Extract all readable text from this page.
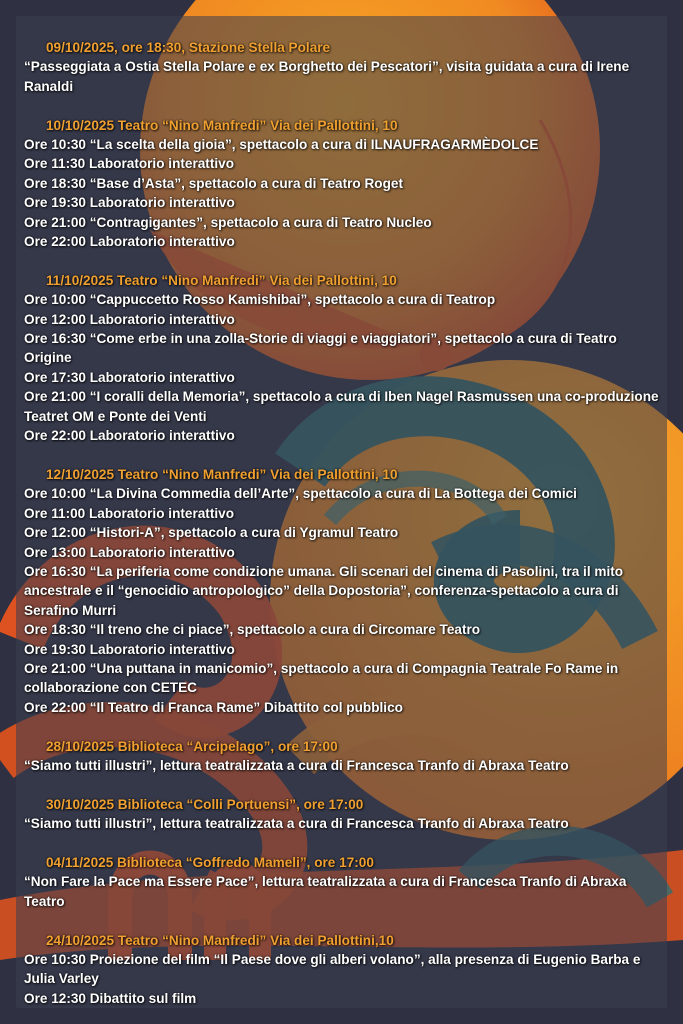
09/10/2025, ore 18:30, Stazione Stella Polare
“Passeggiata a Ostia Stella Polare e ex Borghetto dei Pescatori”, visita guidata a cura di Irene Ranaldi
10/10/2025 Teatro “Nino Manfredi” Via dei Pallottini, 10
Ore 10:30 “La scelta della gioia”, spettacolo a cura di ILNAUFRAGARMÈDOLCE
Ore 11:30 Laboratorio interattivo
Ore 18:30 “Base d’Asta”, spettacolo a cura di Teatro Roget
Ore 19:30 Laboratorio interattivo
Ore 21:00 “Contragigantes”, spettacolo a cura di Teatro Nucleo
Ore 22:00 Laboratorio interattivo
11/10/2025 Teatro “Nino Manfredi” Via dei Pallottini, 10
Ore 10:00 “Cappuccetto Rosso Kamishibai”, spettacolo a cura di Teatrop
Ore 12:00 Laboratorio interattivo
Ore 16:30 “Come erbe in una zolla-Storie di viaggi e viaggiatori”, spettacolo a cura di Teatro Origine
Ore 17:30 Laboratorio interattivo
Ore 21:00 “I coralli della Memoria”, spettacolo a cura di Iben Nagel Rasmussen una co-produzione Teatret OM e Ponte dei Venti
Ore 22:00 Laboratorio interattivo
12/10/2025 Teatro “Nino Manfredi” Via dei Pallottini, 10
Ore 10:00 “La Divina Commedia dell’Arte”, spettacolo a cura di La Bottega dei Comici
Ore 11:00 Laboratorio interattivo
Ore 12:00 “Histori-A”, spettacolo a cura di Ygramul Teatro
Ore 13:00 Laboratorio interattivo
Ore 16:30 “La periferia come condizione umana. Gli scenari del cinema di Pasolini, tra il mito ancestrale e il “genocidio antropologico” della Dopostoria”, conferenza-spettacolo a cura di Serafino Murri
Ore 18:30 “Il treno che ci piace”, spettacolo a cura di Circomare Teatro
Ore 19:30 Laboratorio interattivo
Ore 21:00 “Una puttana in manicomio”, spettacolo a cura di Compagnia Teatrale Fo Rame in collaborazione con CETEC
Ore 22:00 “Il Teatro di Franca Rame” Dibattito col pubblico
28/10/2025 Biblioteca “Arcipelago”, ore 17:00
“Siamo tutti illustri”, lettura teatralizzata a cura di Francesca Tranfo di Abraxa Teatro
30/10/2025 Biblioteca “Colli Portuensi”, ore 17:00
“Siamo tutti illustri”, lettura teatralizzata a cura di Francesca Tranfo di Abraxa Teatro
04/11/2025 Biblioteca “Goffredo Mameli”, ore 17:00
“Non Fare la Pace ma Essere Pace”, lettura teatralizzata a cura di Francesca Tranfo di Abraxa Teatro
24/10/2025 Teatro “Nino Manfredi” Via dei Pallottini,10
Ore 10:30 Proiezione del film “Il Paese dove gli alberi volano”, alla presenza di Eugenio Barba e Julia Varley
Ore 12:30 Dibattito sul film
